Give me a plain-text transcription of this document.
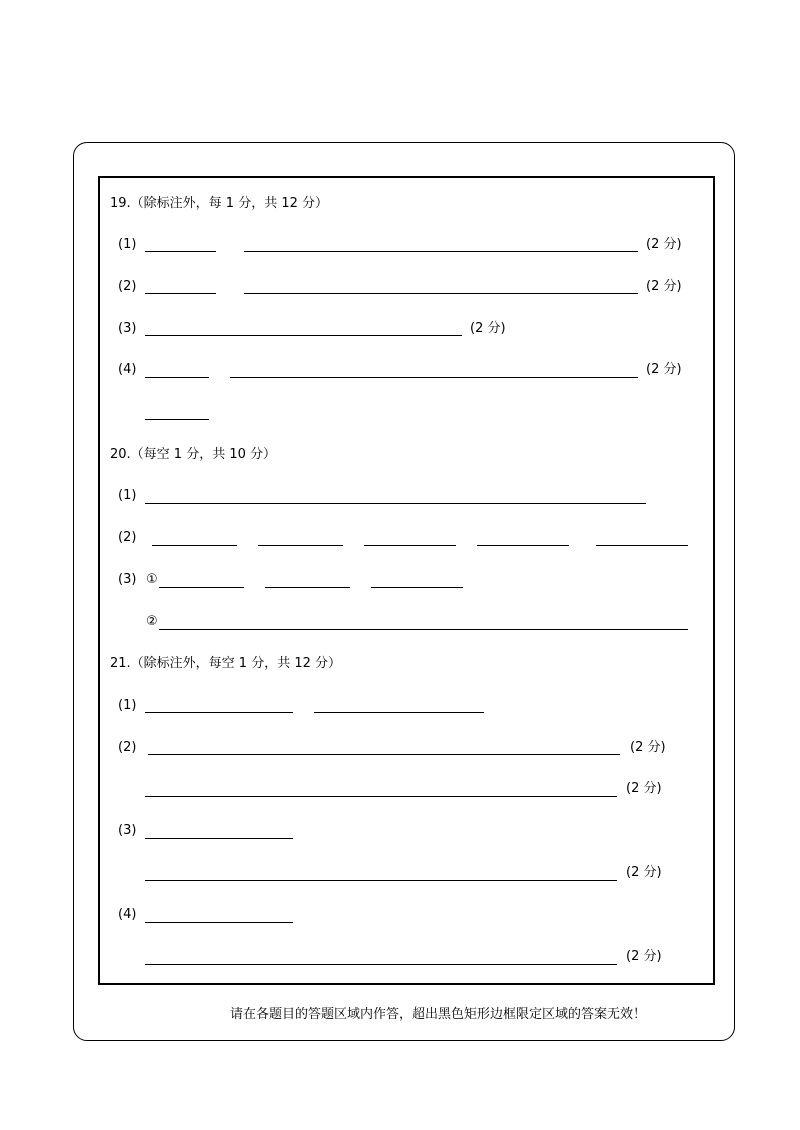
19.（除标注外，每 1 分，共 12 分）
(1)	(2 分)
(2)	(2 分)
(3)	(2 分)
(4)	(2 分)
20.（每空 1 分，共 10 分）
(1)
(2)
(3) ①
②
21.（除标注外，每空 1 分，共 12 分）
(1)
(2)	(2 分)
(2 分)
(3)
(2 分)
(4)
(2 分)
请在各题目的答题区域内作答，超出黑色矩形边框限定区域的答案无效！
